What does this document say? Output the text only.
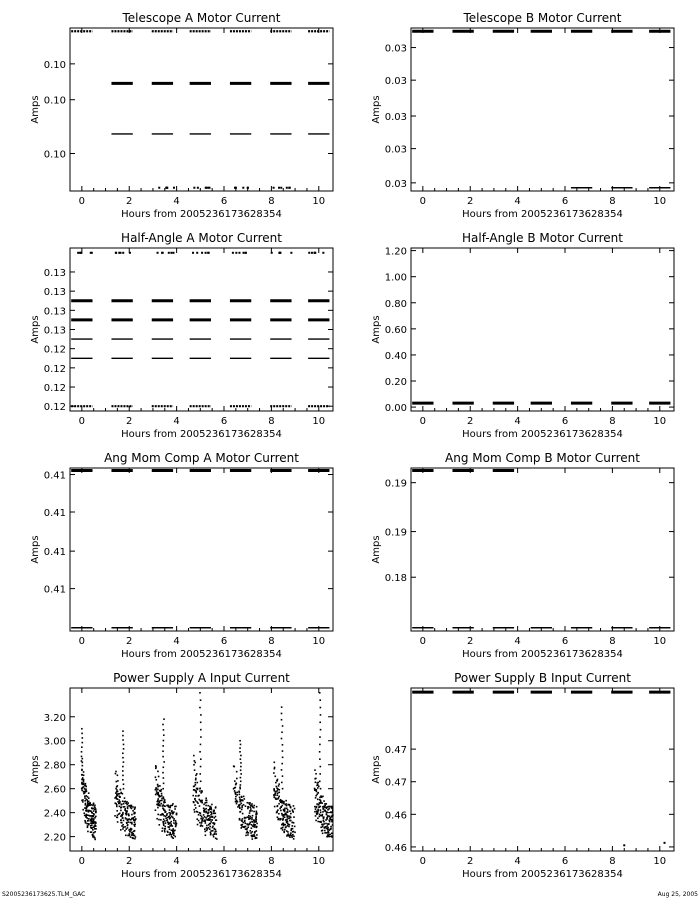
Telescope A Motor Current
Hours from 2005236173628354
Amps
0	2	4	6	8	10
0.10
0.10
0.10
Telescope B Motor Current
Hours from 2005236173628354
Amps
0	2	4	6	8	10
0.03
0.03
0.03
0.03
0.03
Half-Angle A Motor Current
Hours from 2005236173628354
Amps
0	2	4	6	8	10
0.12
0.12
0.12
0.12
0.13
0.13
0.13
0.13
Half-Angle B Motor Current
Hours from 2005236173628354
Amps
0	2	4	6	8	10
0.00
0.20
0.40
0.60
0.80
1.00
1.20
Ang Mom Comp A Motor Current
Hours from 2005236173628354
Amps
0	2	4	6	8	10
0.41
0.41
0.41
0.41
Ang Mom Comp B Motor Current
Hours from 2005236173628354
Amps
0	2	4	6	8	10
0.19
0.19
0.18
Power Supply A Input Current
Hours from 2005236173628354
Amps
0	2	4	6	8	10
2.20
2.40
2.60
2.80
3.00
3.20
Power Supply B Input Current
Hours from 2005236173628354
Amps
0	2	4	6	8	10
0.46
0.46
0.47
0.47
S2005236173625.TLM_GAC	Aug 25, 2005
